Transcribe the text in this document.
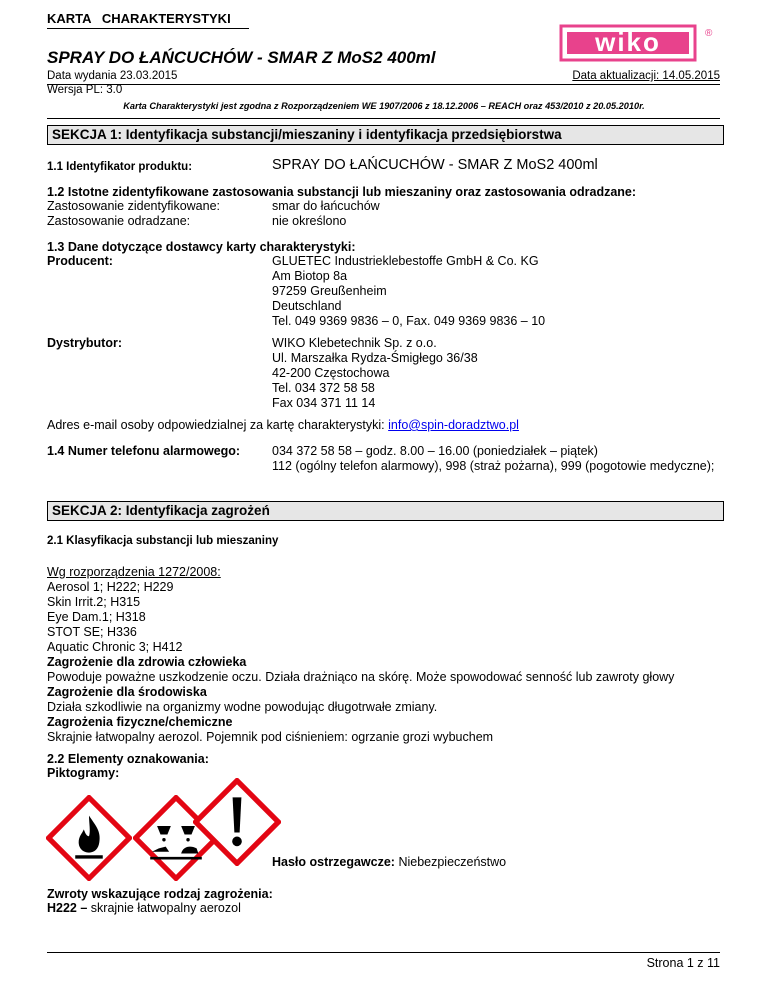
KARTA   CHARAKTERYSTYKI
SPRAY DO ŁAŃCUCHÓW - SMAR Z MoS2 400ml
wiko	®
Data wydania 23.03.2015	Data aktualizacji: 14.05.2015
Wersja PL: 3.0
Karta Charakterystyki jest zgodna z Rozporządzeniem WE 1907/2006 z 18.12.2006 – REACH oraz 453/2010 z 20.05.2010r.
SEKCJA 1: Identyfikacja substancji/mieszaniny i identyfikacja przedsiębiorstwa
1.1 Identyfikator produktu:	SPRAY DO ŁAŃCUCHÓW - SMAR Z MoS2 400ml
1.2 Istotne zidentyfikowane zastosowania substancji lub mieszaniny oraz zastosowania odradzane:
Zastosowanie zidentyfikowane:	smar do łańcuchów
Zastosowanie odradzane:	nie określono
1.3 Dane dotyczące dostawcy karty charakterystyki:
Producent:	GLUETEC Industrieklebestoffe GmbH & Co. KG
Am Biotop 8a
97259 Greußenheim
Deutschland
Tel. 049 9369 9836 – 0, Fax. 049 9369 9836 – 10
Dystrybutor:	WIKO Klebetechnik Sp. z o.o.
Ul. Marszałka Rydza-Śmigłego 36/38
42-200 Częstochowa
Tel. 034 372 58 58
Fax 034 371 11 14
Adres e-mail osoby odpowiedzialnej za kartę charakterystyki: info@spin-doradztwo.pl
1.4 Numer telefonu alarmowego:	034 372 58 58 – godz. 8.00 – 16.00 (poniedziałek – piątek)
112 (ogólny telefon alarmowy), 998 (straż pożarna), 999 (pogotowie medyczne);
SEKCJA 2: Identyfikacja zagrożeń
2.1 Klasyfikacja substancji lub mieszaniny
Wg rozporządzenia 1272/2008:
Aerosol 1; H222; H229
Skin Irrit.2; H315
Eye Dam.1; H318
STOT SE; H336
Aquatic Chronic 3; H412
Zagrożenie dla zdrowia człowieka
Powoduje poważne uszkodzenie oczu. Działa drażniąco na skórę. Może spowodować senność lub zawroty głowy
Zagrożenie dla środowiska
Działa szkodliwie na organizmy wodne powodując długotrwałe zmiany.
Zagrożenia fizyczne/chemiczne
Skrajnie łatwopalny aerozol. Pojemnik pod ciśnieniem: ogrzanie grozi wybuchem
2.2 Elementy oznakowania:
Piktogramy:
Hasło ostrzegawcze: Niebezpieczeństwo
Zwroty wskazujące rodzaj zagrożenia:
H222 – skrajnie łatwopalny aerozol
Strona 1 z 11
